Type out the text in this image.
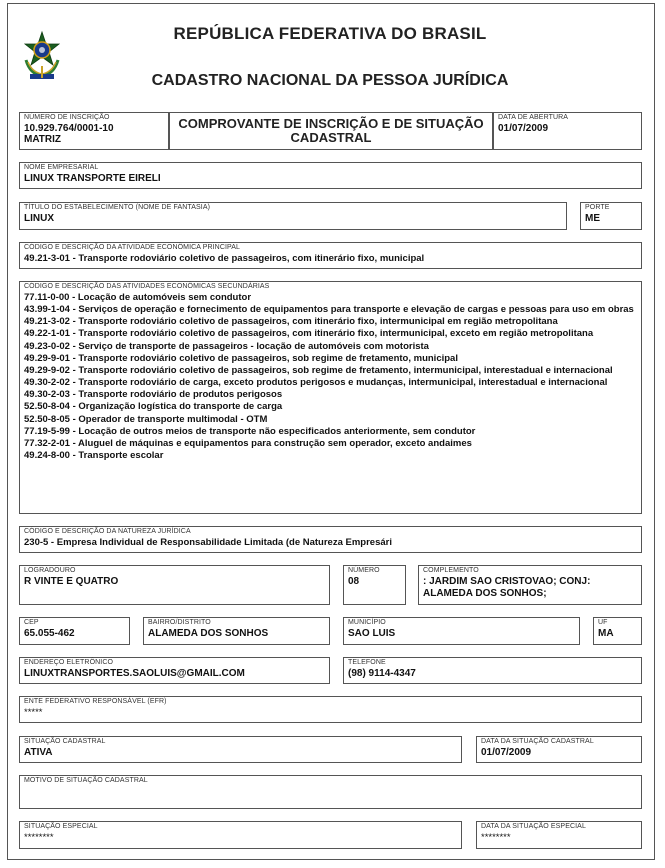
REPÚBLICA FEDERATIVA DO BRASIL
CADASTRO NACIONAL DA PESSOA JURÍDICA
NÚMERO DE INSCRIÇÃO
10.929.764/0001-10
MATRIZ
COMPROVANTE DE INSCRIÇÃO E DE SITUAÇÃO CADASTRAL
DATA DE ABERTURA
01/07/2009
NOME EMPRESARIAL
LINUX TRANSPORTE EIRELI
TÍTULO DO ESTABELECIMENTO (NOME DE FANTASIA)
LINUX
PORTE
ME
CÓDIGO E DESCRIÇÃO DA ATIVIDADE ECONÔMICA PRINCIPAL
49.21-3-01 - Transporte rodoviário coletivo de passageiros, com itinerário fixo, municipal
CÓDIGO E DESCRIÇÃO DAS ATIVIDADES ECONÔMICAS SECUNDÁRIAS
77.11-0-00 - Locação de automóveis sem condutor
43.99-1-04 - Serviços de operação e fornecimento de equipamentos para transporte e elevação de cargas e pessoas para uso em obras
49.21-3-02 - Transporte rodoviário coletivo de passageiros, com itinerário fixo, intermunicipal em região metropolitana
49.22-1-01 - Transporte rodoviário coletivo de passageiros, com itinerário fixo, intermunicipal, exceto em região metropolitana
49.23-0-02 - Serviço de transporte de passageiros - locação de automóveis com motorista
49.29-9-01 - Transporte rodoviário coletivo de passageiros, sob regime de fretamento, municipal
49.29-9-02 - Transporte rodoviário coletivo de passageiros, sob regime de fretamento, intermunicipal, interestadual e internacional
49.30-2-02 - Transporte rodoviário de carga, exceto produtos perigosos e mudanças, intermunicipal, interestadual e internacional
49.30-2-03 - Transporte rodoviário de produtos perigosos
52.50-8-04 - Organização logística do transporte de carga
52.50-8-05 - Operador de transporte multimodal - OTM
77.19-5-99 - Locação de outros meios de transporte não especificados anteriormente, sem condutor
77.32-2-01 - Aluguel de máquinas e equipamentos para construção sem operador, exceto andaimes
49.24-8-00 - Transporte escolar
CÓDIGO E DESCRIÇÃO DA NATUREZA JURÍDICA
230-5 - Empresa Individual de Responsabilidade Limitada (de Natureza Empresári
LOGRADOURO
R VINTE E QUATRO
NÚMERO
08
COMPLEMENTO
: JARDIM SAO CRISTOVAO; CONJ:
ALAMEDA DOS SONHOS;
CEP
65.055-462
BAIRRO/DISTRITO
ALAMEDA DOS SONHOS
MUNICÍPIO
SAO LUIS
UF
MA
ENDEREÇO ELETRÔNICO
LINUXTRANSPORTES.SAOLUIS@GMAIL.COM
TELEFONE
(98) 9114-4347
ENTE FEDERATIVO RESPONSÁVEL (EFR)
*****
SITUAÇÃO CADASTRAL
ATIVA
DATA DA SITUAÇÃO CADASTRAL
01/07/2009
MOTIVO DE SITUAÇÃO CADASTRAL
SITUAÇÃO ESPECIAL
********
DATA DA SITUAÇÃO ESPECIAL
********
